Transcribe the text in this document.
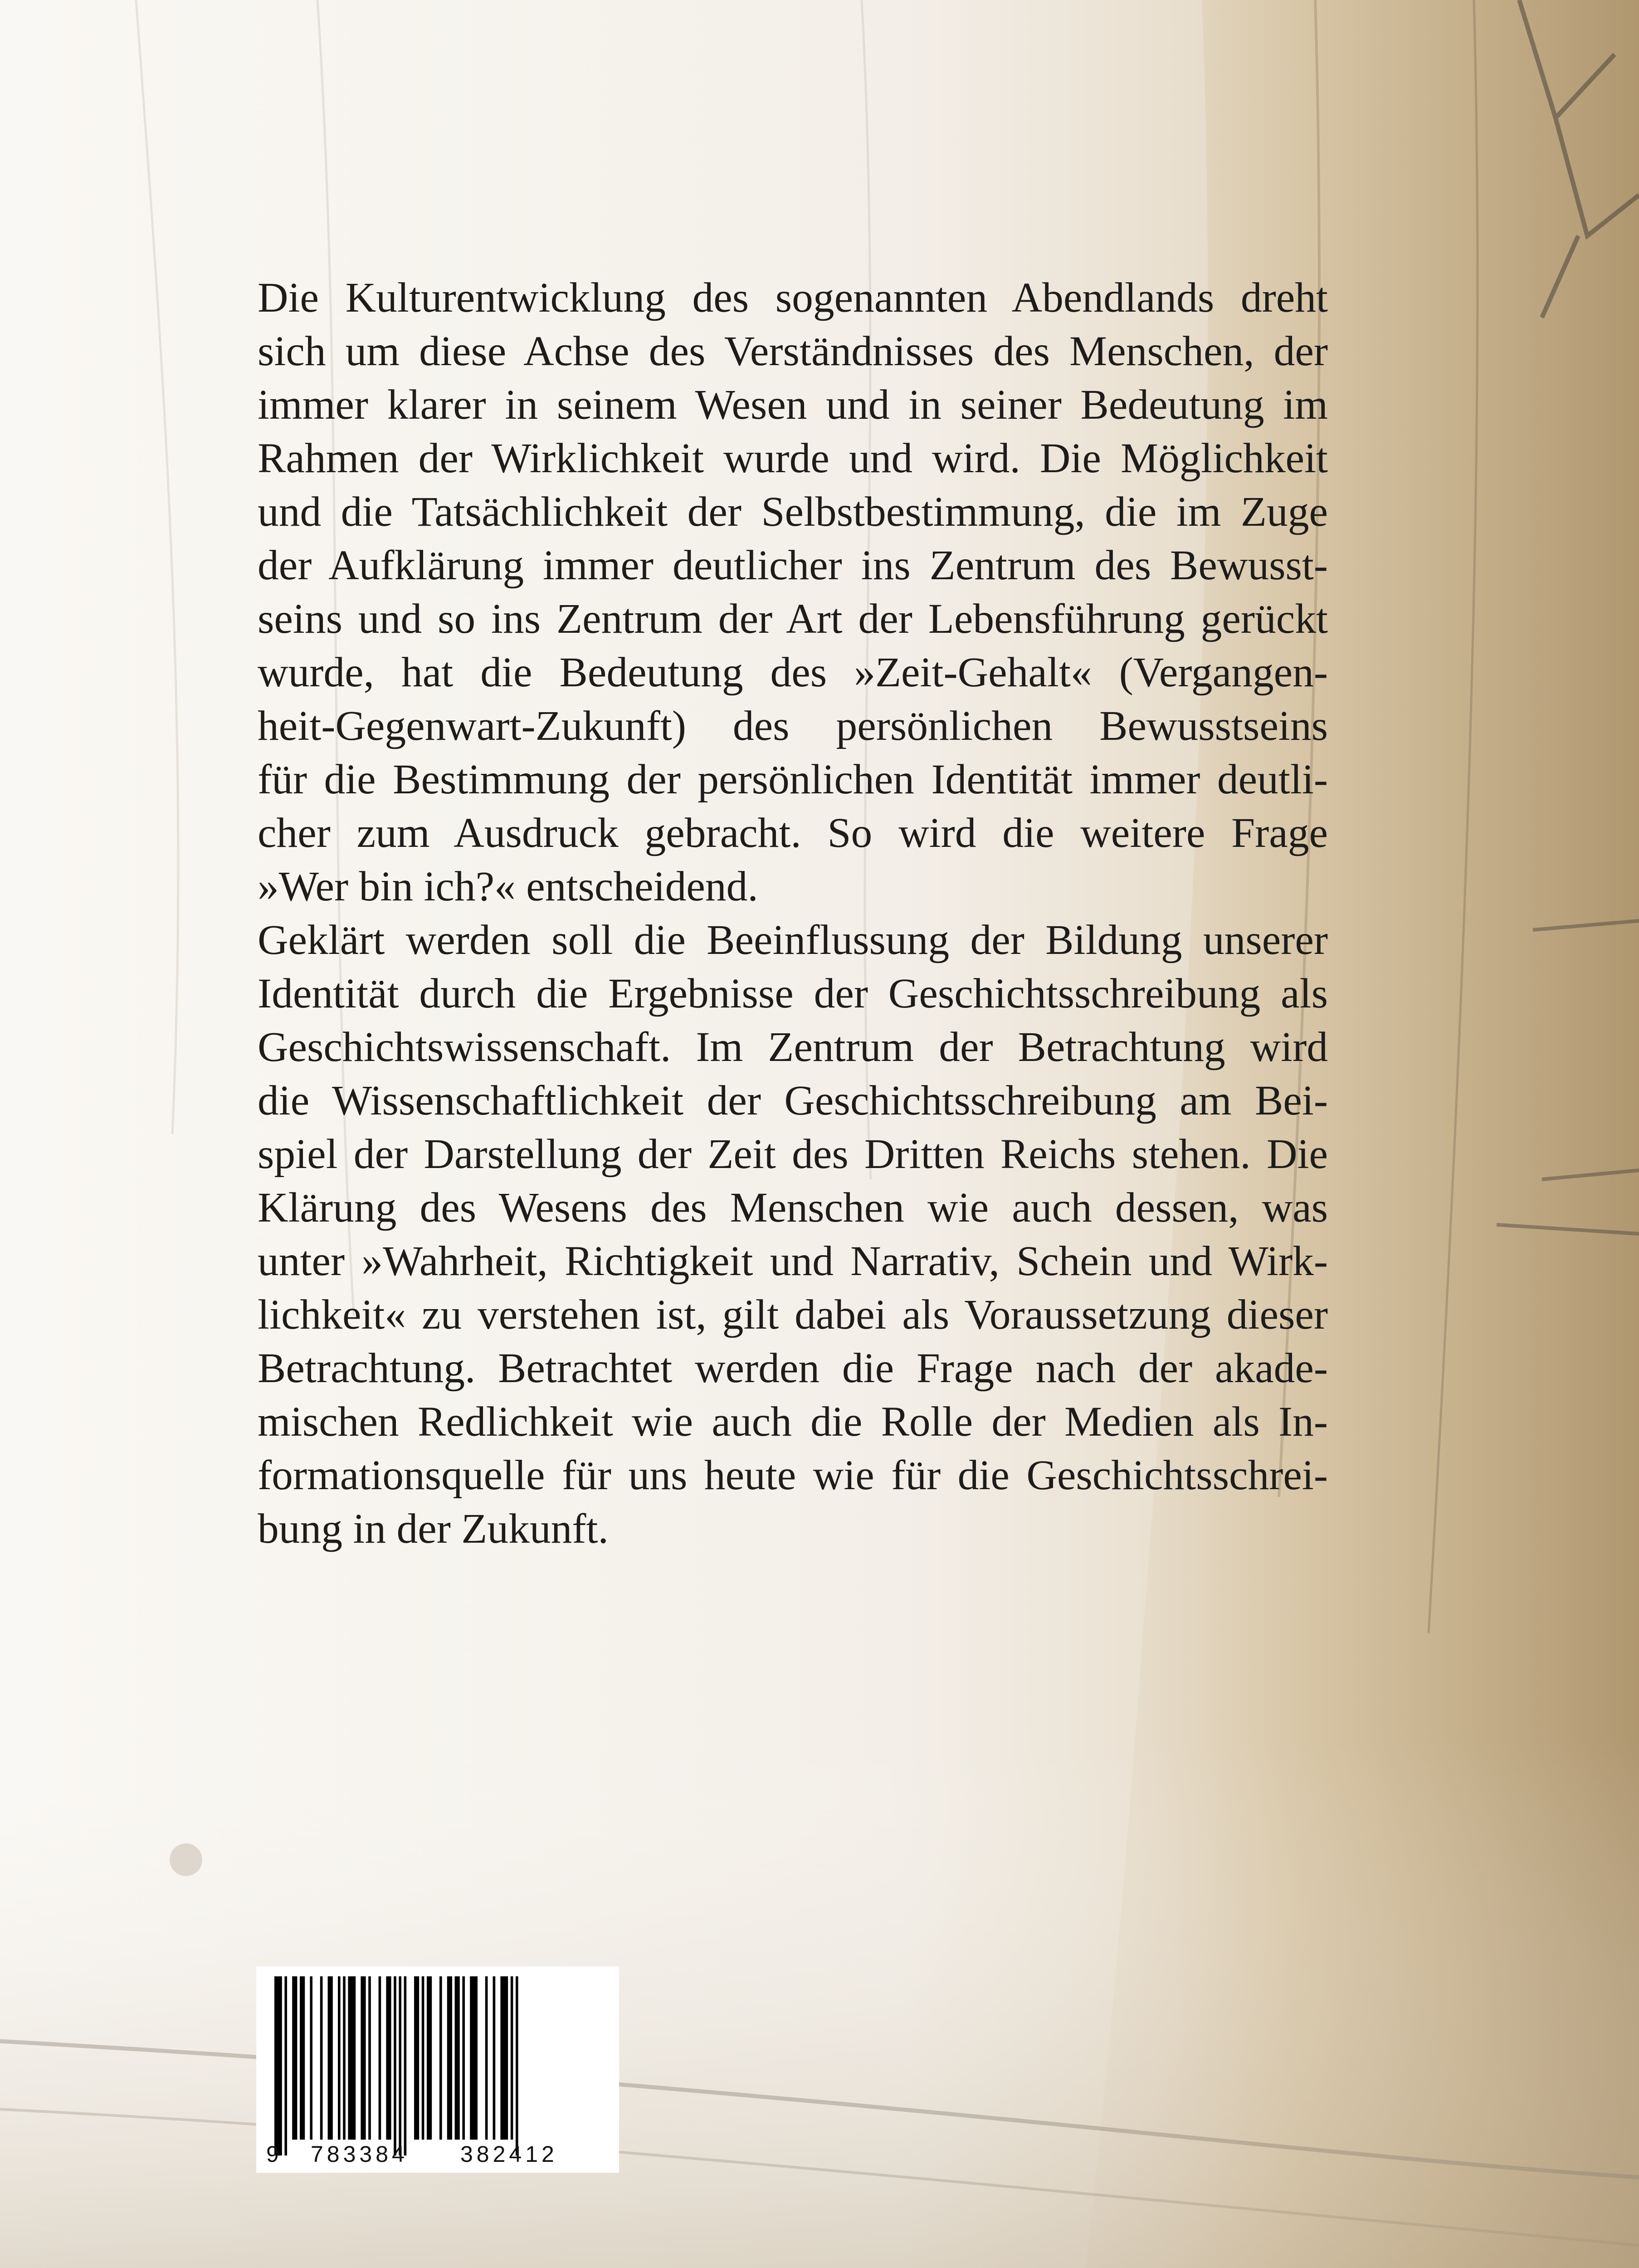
Die Kulturentwicklung des sogenannten Abendlands dreht
sich um diese Achse des Verständnisses des Menschen, der
immer klarer in seinem Wesen und in seiner Bedeutung im
Rahmen der Wirklichkeit wurde und wird. Die Möglichkeit
und die Tatsächlichkeit der Selbstbestimmung, die im Zuge
der Aufklärung immer deutlicher ins Zentrum des Bewusst-
seins und so ins Zentrum der Art der Lebensführung gerückt
wurde, hat die Bedeutung des »Zeit-Gehalt« (Vergangen-
heit-Gegenwart-Zukunft) des persönlichen Bewusstseins
für die Bestimmung der persönlichen Identität immer deutli-
cher zum Ausdruck gebracht. So wird die weitere Frage
»Wer bin ich?« entscheidend.

Geklärt werden soll die Beeinflussung der Bildung unserer
Identität durch die Ergebnisse der Geschichtsschreibung als
Geschichtswissenschaft. Im Zentrum der Betrachtung wird
die Wissenschaftlichkeit der Geschichtsschreibung am Bei-
spiel der Darstellung der Zeit des Dritten Reichs stehen. Die
Klärung des Wesens des Menschen wie auch dessen, was
unter »Wahrheit, Richtigkeit und Narrativ, Schein und Wirk-
lichkeit« zu verstehen ist, gilt dabei als Voraussetzung dieser
Betrachtung. Betrachtet werden die Frage nach der akade-
mischen Redlichkeit wie auch die Rolle der Medien als In-
formationsquelle für uns heute wie für die Geschichtsschrei-
bung in der Zukunft.

9 783384 382412
